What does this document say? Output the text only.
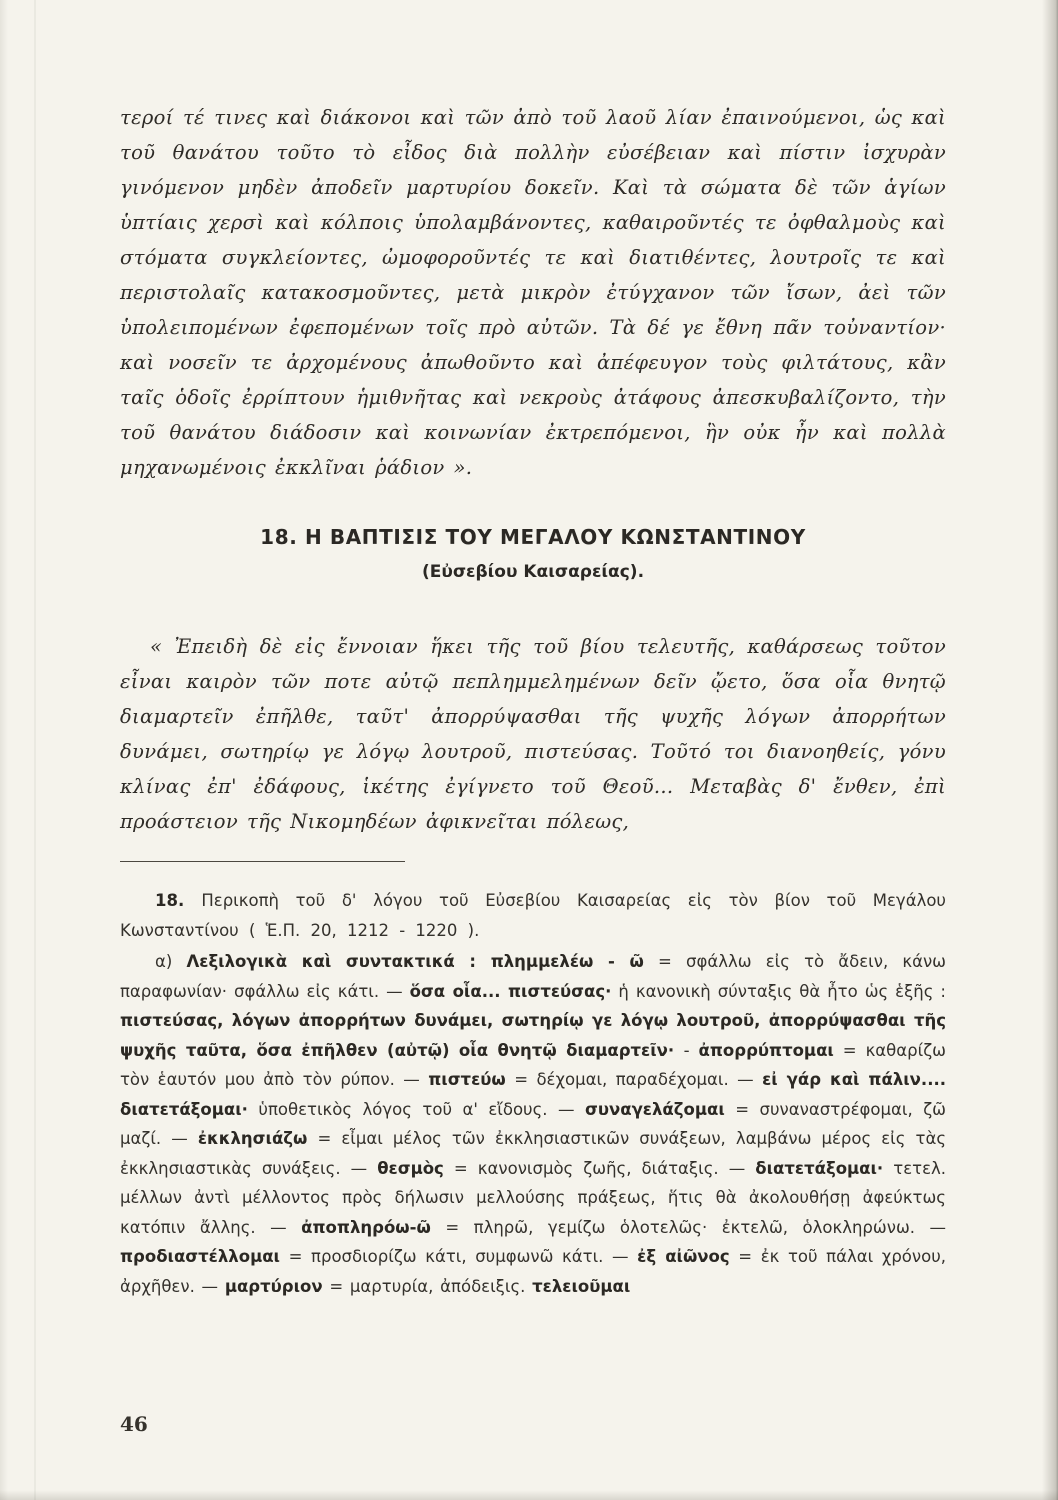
τεροί τέ τινες καὶ διάκονοι καὶ τῶν ἀπὸ τοῦ λαοῦ λίαν ἐπαινούμενοι, ὡς καὶ τοῦ θανάτου τοῦτο τὸ εἶδος διὰ πολλὴν εὐσέβειαν καὶ πίστιν ἰσχυρὰν γινόμενον μηδὲν ἀποδεῖν μαρτυρίου δοκεῖν. Καὶ τὰ σώματα δὲ τῶν ἁγίων ὑπτίαις χερσὶ καὶ κόλποις ὑπολαμβάνοντες, καθαιροῦντές τε ὀφθαλμοὺς καὶ στόματα συγκλείοντες, ὠμοφοροῦντές τε καὶ διατιθέντες, λουτροῖς τε καὶ περιστολαῖς κατακοσμοῦντες, μετὰ μικρὸν ἐτύγχανον τῶν ἴσων, ἀεὶ τῶν ὑπολειπομένων ἐφεπομένων τοῖς πρὸ αὐτῶν. Τὰ δέ γε ἔθνη πᾶν τοὐναντίον· καὶ νοσεῖν τε ἀρχομένους ἀπωθοῦντο καὶ ἀπέφευγον τοὺς φιλτάτους, κἂν ταῖς ὁδοῖς ἐρρίπτουν ἡμιθνῆτας καὶ νεκροὺς ἀτάφους ἀπεσκυβαλίζοντο, τὴν τοῦ θανάτου διάδοσιν καὶ κοινωνίαν ἐκτρεπόμενοι, ἣν οὐκ ἦν καὶ πολλὰ μηχανωμένοις ἐκκλῖναι ῥάδιον ».

18. Η ΒΑΠΤΙΣΙΣ ΤΟΥ ΜΕΓΑΛΟΥ ΚΩΝΣΤΑΝΤΙΝΟΥ
(Εὐσεβίου Καισαρείας).

« Ἐπειδὴ δὲ εἰς ἔννοιαν ἥκει τῆς τοῦ βίου τελευτῆς, καθάρσεως τοῦτον εἶναι καιρὸν τῶν ποτε αὐτῷ πεπλημμελημένων δεῖν ᾤετο, ὅσα οἷα θνητῷ διαμαρτεῖν ἐπῆλθε, ταῦτ' ἀπορρύψασθαι τῆς ψυχῆς λόγων ἀπορρήτων δυνάμει, σωτηρίῳ γε λόγῳ λουτροῦ, πιστεύσας. Τοῦτό τοι διανοηθείς, γόνυ κλίνας ἐπ' ἐδάφους, ἱκέτης ἐγίγνετο τοῦ Θεοῦ... Μεταβὰς δ' ἔνθεν, ἐπὶ προάστειον τῆς Νικομηδέων ἀφικνεῖται πόλεως,

18. Περικοπὴ τοῦ δ' λόγου τοῦ Εὐσεβίου Καισαρείας εἰς τὸν βίον τοῦ Μεγάλου Κωνσταντίνου ( Ἑ.Π. 20, 1212 - 1220 ).

α) Λεξιλογικὰ καὶ συντακτικά : πλημμελέω - ῶ = σφάλλω εἰς τὸ ἄδειν, κάνω παραφωνίαν· σφάλλω εἰς κάτι. — ὅσα οἷα... πιστεύσας· ἡ κανονικὴ σύνταξις θὰ ἦτο ὡς ἑξῆς : πιστεύσας, λόγων ἀπορρήτων δυνάμει, σωτηρίῳ γε λόγῳ λουτροῦ, ἀπορρύψασθαι τῆς ψυχῆς ταῦτα, ὅσα ἐπῆλθεν (αὐτῷ) οἷα θνητῷ διαμαρτεῖν· - ἀπορρύπτομαι = καθαρίζω τὸν ἑαυτόν μου ἀπὸ τὸν ρύπον. — πιστεύω = δέχομαι, παραδέχομαι. — εἰ γάρ καὶ πάλιν.... διατετάξομαι· ὑποθετικὸς λόγος τοῦ α' εἴδους. — συναγελάζομαι = συναναστρέφομαι, ζῶ μαζί. — ἐκκλησιάζω = εἶμαι μέλος τῶν ἐκκλησιαστικῶν συνάξεων, λαμβάνω μέρος εἰς τὰς ἐκκλησιαστικὰς συνάξεις. — θεσμὸς = κανονισμὸς ζωῆς, διάταξις. — διατετάξομαι· τετελ. μέλλων ἀντὶ μέλλοντος πρὸς δήλωσιν μελλούσης πράξεως, ἥτις θὰ ἀκολουθήσῃ ἀφεύκτως κατόπιν ἄλλης. — ἀποπληρόω-ῶ = πληρῶ, γεμίζω ὁλοτελῶς· ἐκτελῶ, ὁλοκληρώνω. — προδιαστέλλομαι = προσδιορίζω κάτι, συμφωνῶ κάτι. — ἐξ αἰῶνος = ἐκ τοῦ πάλαι χρόνου, ἀρχῆθεν. — μαρτύριον = μαρτυρία, ἀπόδειξις. τελειοῦμαι

46
